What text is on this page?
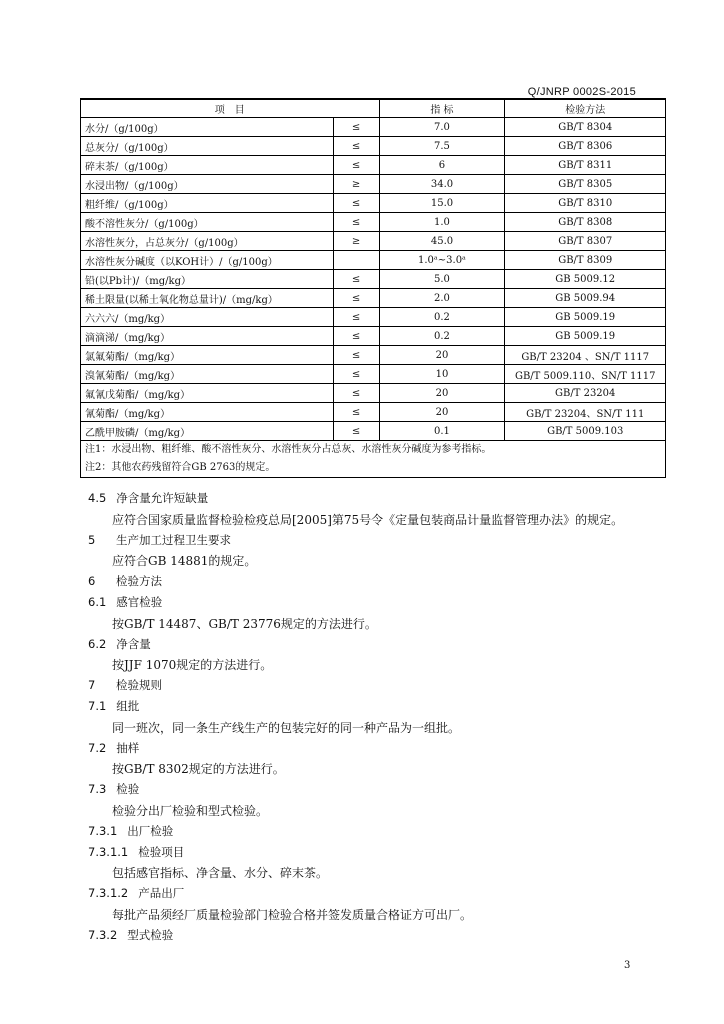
Q/JNRP 0002S-2015
项　目		指 标	检验方法
水分/（g/100g）	≤	7.0	GB/T 8304
总灰分/（g/100g）	≤	7.5	GB/T 8306
碎末茶/（g/100g）	≤	6	GB/T 8311
水浸出物/（g/100g）	≥	34.0	GB/T 8305
粗纤维/（g/100g）	≤	15.0	GB/T 8310
酸不溶性灰分/（g/100g）	≤	1.0	GB/T 8308
水溶性灰分，占总灰分/（g/100g）	≥	45.0	GB/T 8307
水溶性灰分碱度（以KOH计）/（g/100g）		1.0ᵃ~3.0ᵃ	GB/T 8309
铅(以Pb计)/（mg/kg）	≤	5.0	GB 5009.12
稀土限量(以稀土氧化物总量计)/（mg/kg）	≤	2.0	GB 5009.94
六六六/（mg/kg）	≤	0.2	GB 5009.19
滴滴涕/（mg/kg）	≤	0.2	GB 5009.19
氯氟菊酯/（mg/kg）	≤	20	GB/T 23204 、SN/T 1117
溴氰菊酯/（mg/kg）	≤	10	GB/T 5009.110、SN/T 1117
氟氰戊菊酯/（mg/kg）	≤	20	GB/T 23204
氰菊酯/（mg/kg）	≤	20	GB/T 23204、SN/T 111
乙酰甲胺磷/（mg/kg）	≤	0.1	GB/T 5009.103

注1：水浸出物、粗纤维、酸不溶性灰分、水溶性灰分占总灰、水溶性灰分碱度为参考指标。
注2：其他农药残留符合GB 2763的规定。			
4.5 净含量允许短缺量
应符合国家质量监督检验检疫总局[2005]第75号令《定量包装商品计量监督管理办法》的规定。
5 生产加工过程卫生要求
应符合GB 14881的规定。
6 检验方法
6.1 感官检验
按GB/T 14487、GB/T 23776规定的方法进行。
6.2 净含量
按JJF 1070规定的方法进行。
7 检验规则
7.1 组批
同一班次，同一条生产线生产的包装完好的同一种产品为一组批。
7.2 抽样
按GB/T 8302规定的方法进行。
7.3 检验
检验分出厂检验和型式检验。
7.3.1 出厂检验
7.3.1.1 检验项目
包括感官指标、净含量、水分、碎末茶。
7.3.1.2 产品出厂
每批产品须经厂质量检验部门检验合格并签发质量合格证方可出厂。
7.3.2 型式检验
3
